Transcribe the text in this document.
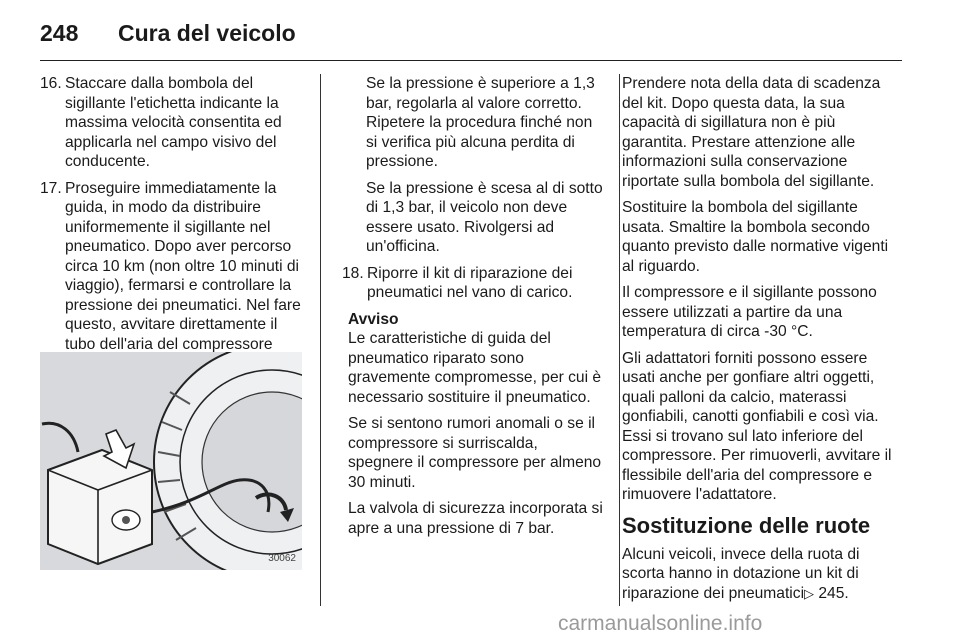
248 Cura del veicolo
16. Staccare dalla bombola del sigillante l'etichetta indicante la massima velocità consentita ed applicarla nel campo visivo del conducente.
17. Proseguire immediatamente la guida, in modo da distribuire uniformemente il sigillante nel pneumatico. Dopo aver percorso circa 10 km (non oltre 10 minuti di viaggio), fermarsi e controllare la pressione dei pneumatici. Nel fare questo, avvitare direttamente il tubo dell'aria del compressore
30062

Se la pressione è superiore a 1,3 bar, regolarla al valore corretto. Ripetere la procedura finché non si verifica più alcuna perdita di pressione.

Se la pressione è scesa al di sotto di 1,3 bar, il veicolo non deve essere usato. Rivolgersi ad un'officina.

18. Riporre il kit di riparazione dei pneumatici nel vano di carico.
Avviso

Le caratteristiche di guida del pneumatico riparato sono gravemente compromesse, per cui è necessario sostituire il pneumatico.

Se si sentono rumori anomali o se il compressore si surriscalda, spegnere il compressore per almeno 30 minuti.

La valvola di sicurezza incorporata si apre a una pressione di 7 bar.

Prendere nota della data di scadenza del kit. Dopo questa data, la sua capacità di sigillatura non è più garantita. Prestare attenzione alle informazioni sulla conservazione riportate sulla bombola del sigillante.

Sostituire la bombola del sigillante usata. Smaltire la bombola secondo quanto previsto dalle normative vigenti al riguardo.

Il compressore e il sigillante possono essere utilizzati a partire da una temperatura di circa -30 °C.

Gli adattatori forniti possono essere usati anche per gonfiare altri oggetti, quali palloni da calcio, materassi gonfiabili, canotti gonfiabili e così via. Essi si trovano sul lato inferiore del compressore. Per rimuoverli, avvitare il flessibile dell'aria del compressore e rimuovere l'adattatore.

Sostituzione delle ruote

Alcuni veicoli, invece della ruota di scorta hanno in dotazione un kit di riparazione dei pneumatici▷ 245.

carmanualsonline.info
